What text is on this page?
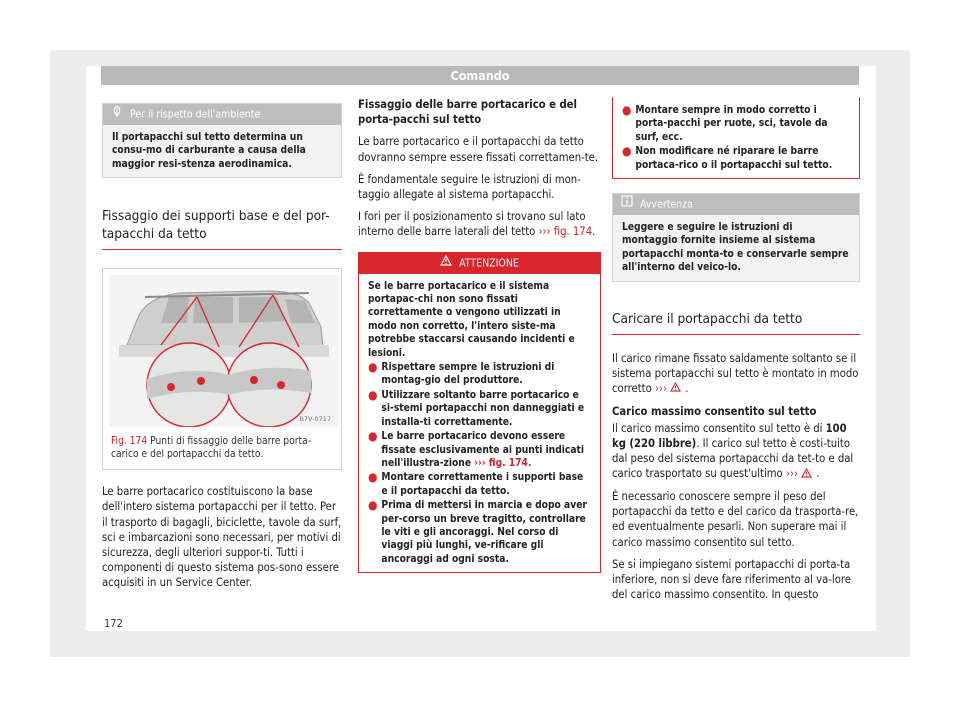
Comando
Per il rispetto dell'ambiente
Il portapacchi sul tetto determina un consu-mo di carburante a causa della maggior resi-stenza aerodinamica.
Fissaggio dei supporti base e del por-tapacchi da tetto
B7V-0717
Fig. 174 Punti di fissaggio delle barre porta-carico e del portapacchi da tetto.

Le barre portacarico costituiscono la base dell'intero sistema portapacchi per il tetto. Per il trasporto di bagagli, biciclette, tavole da surf, sci e imbarcazioni sono necessari, per motivi di sicurezza, degli ulteriori suppor-ti. Tutti i componenti di questo sistema pos-sono essere acquisiti in un Service Center.

Fissaggio delle barre portacarico e del porta-pacchi sul tetto

Le barre portacarico e il portapacchi da tetto dovranno sempre essere fissati correttamen-te.

È fondamentale seguire le istruzioni di mon-taggio allegate al sistema portapacchi.

I fori per il posizionamento si trovano sul lato interno delle barre laterali del tetto ››› fig. 174.

ATTENZIONE
Se le barre portacarico e il sistema portapac-chi non sono fissati correttamente o vengono utilizzati in modo non corretto, l'intero siste-ma potrebbe staccarsi causando incidenti e lesioni.
● Rispettare sempre le istruzioni di montag-gio del produttore.
● Utilizzare soltanto barre portacarico e si-stemi portapacchi non danneggiati e installa-ti correttamente.
● Le barre portacarico devono essere fissate esclusivamente ai punti indicati nell'illustra-zione ››› fig. 174.
● Montare correttamente i supporti base e il portapacchi da tetto.
● Prima di mettersi in marcia e dopo aver per-corso un breve tragitto, controllare le viti e gli ancoraggi. Nel corso di viaggi più lunghi, ve-rificare gli ancoraggi ad ogni sosta.
● Montare sempre in modo corretto i porta-pacchi per ruote, sci, tavole da surf, ecc.
● Non modificare né riparare le barre portaca-rico o il portapacchi sul tetto.
Avvertenza
Leggere e seguire le istruzioni di montaggio fornite insieme al sistema portapacchi monta-to e conservarle sempre all'interno del veico-lo.
Caricare il portapacchi da tetto

Il carico rimane fissato saldamente soltanto se il sistema portapacchi sul tetto è montato in modo corretto ››› .

Carico massimo consentito sul tetto

Il carico massimo consentito sul tetto è di 100 kg (220 libbre). Il carico sul tetto è costi-tuito dal peso del sistema portapacchi da tet-to e dal carico trasportato su quest'ultimo ››› .

È necessario conoscere sempre il peso del portapacchi da tetto e del carico da trasporta-re, ed eventualmente pesarli. Non superare mai il carico massimo consentito sul tetto.

Se si impiegano sistemi portapacchi di porta-ta inferiore, non si deve fare riferimento al va-lore del carico massimo consentito. In questo

172
